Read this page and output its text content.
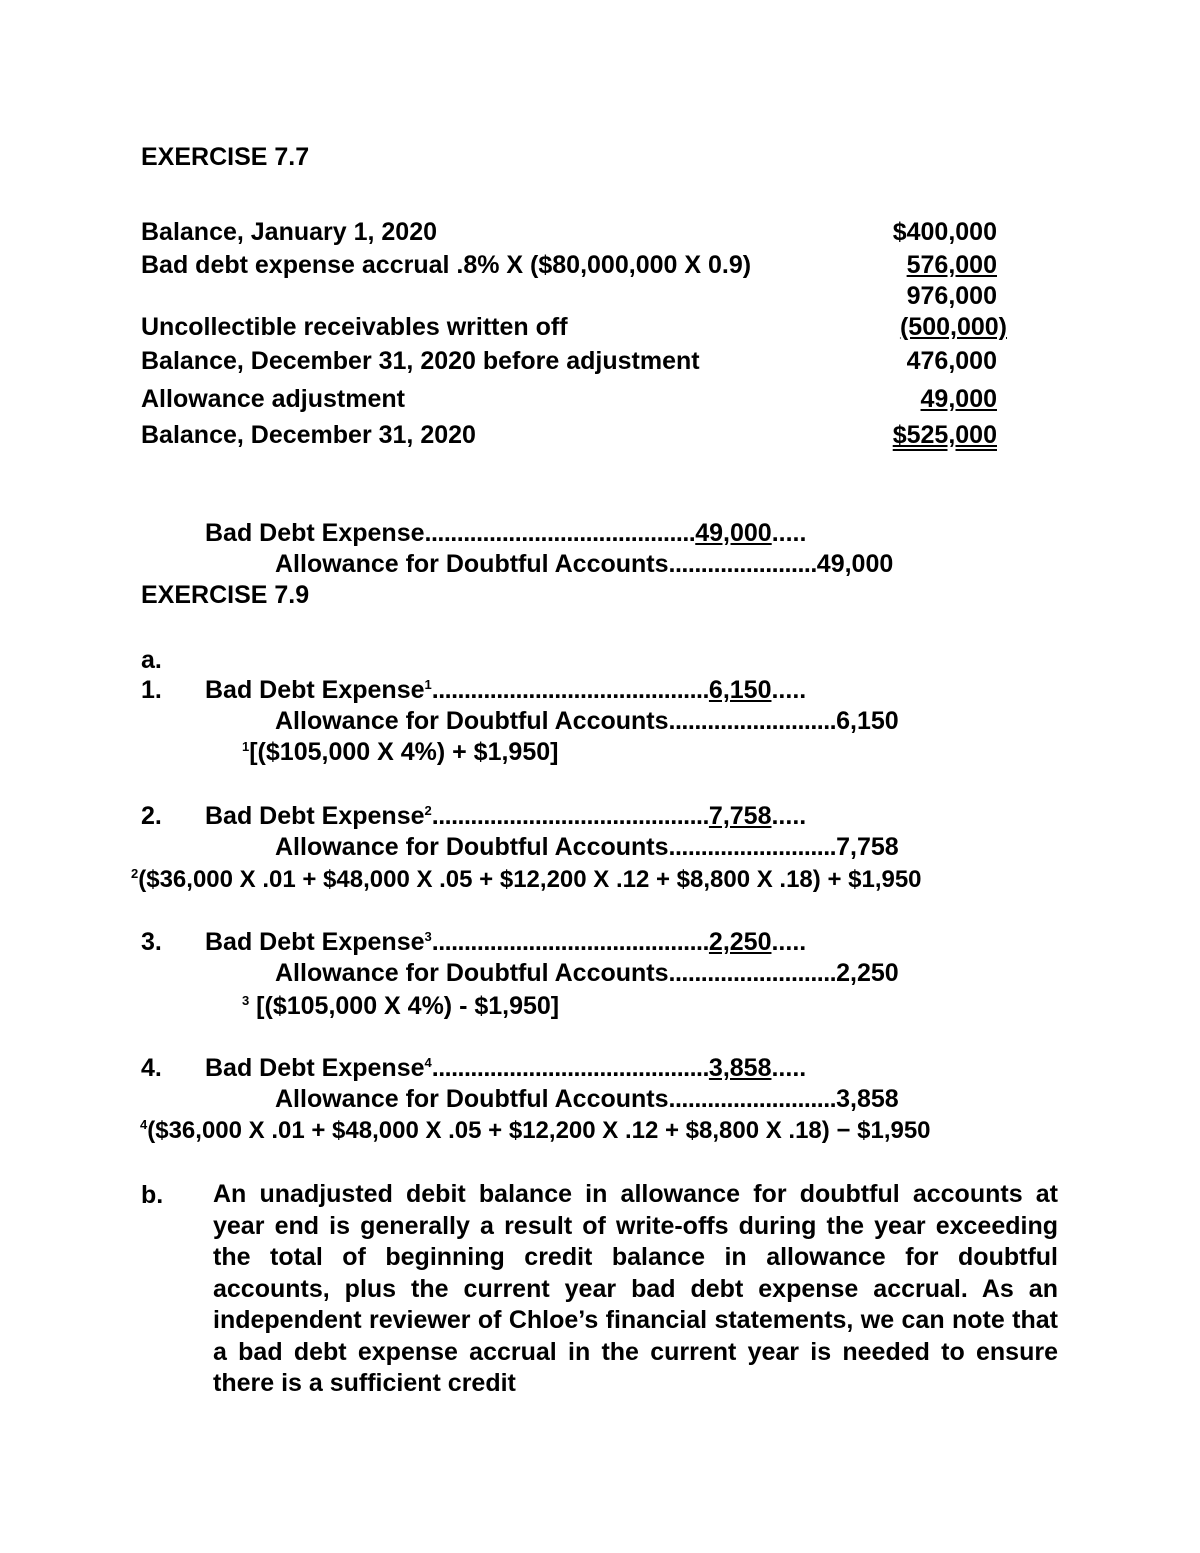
EXERCISE 7.7
Balance, January 1, 2020	$400,000
Bad debt expense accrual .8% X ($80,000,000 X 0.9)	576,000
976,000
Uncollectible receivables written off	(500,000)
Balance, December 31, 2020 before adjustment	476,000
Allowance adjustment	49,000
Balance, December 31, 2020	$525,000
Bad Debt Expense..........................................49,000.....
Allowance for Doubtful Accounts.......................49,000
EXERCISE 7.9
a.
1. Bad Debt Expense$^1$...........................................6,150.....
Allowance for Doubtful Accounts..........................6,150
$^1$[($105,000 X 4%) + $1,950]
2. Bad Debt Expense$^2$...........................................7,758.....
Allowance for Doubtful Accounts..........................7,758
$^2$($36,000 X .01 + $48,000 X .05 + $12,200 X .12 + $8,800 X .18) + $1,950
3. Bad Debt Expense$^3$...........................................2,250.....
Allowance for Doubtful Accounts..........................2,250
$^3$ [($105,000 X 4%) - $1,950]
4. Bad Debt Expense$^4$...........................................3,858.....
Allowance for Doubtful Accounts..........................3,858
$^4$($36,000 X .01 + $48,000 X .05 + $12,200 X .12 + $8,800 X .18) − $1,950
b. An unadjusted debit balance in allowance for doubtful accounts at year end is generally a result of write-offs during the year exceeding the total of beginning credit balance in allowance for doubtful accounts, plus the current year bad debt expense accrual. As an independent reviewer of Chloe’s financial statements, we can note that a bad debt expense accrual in the current year is needed to ensure there is a sufficient credit
